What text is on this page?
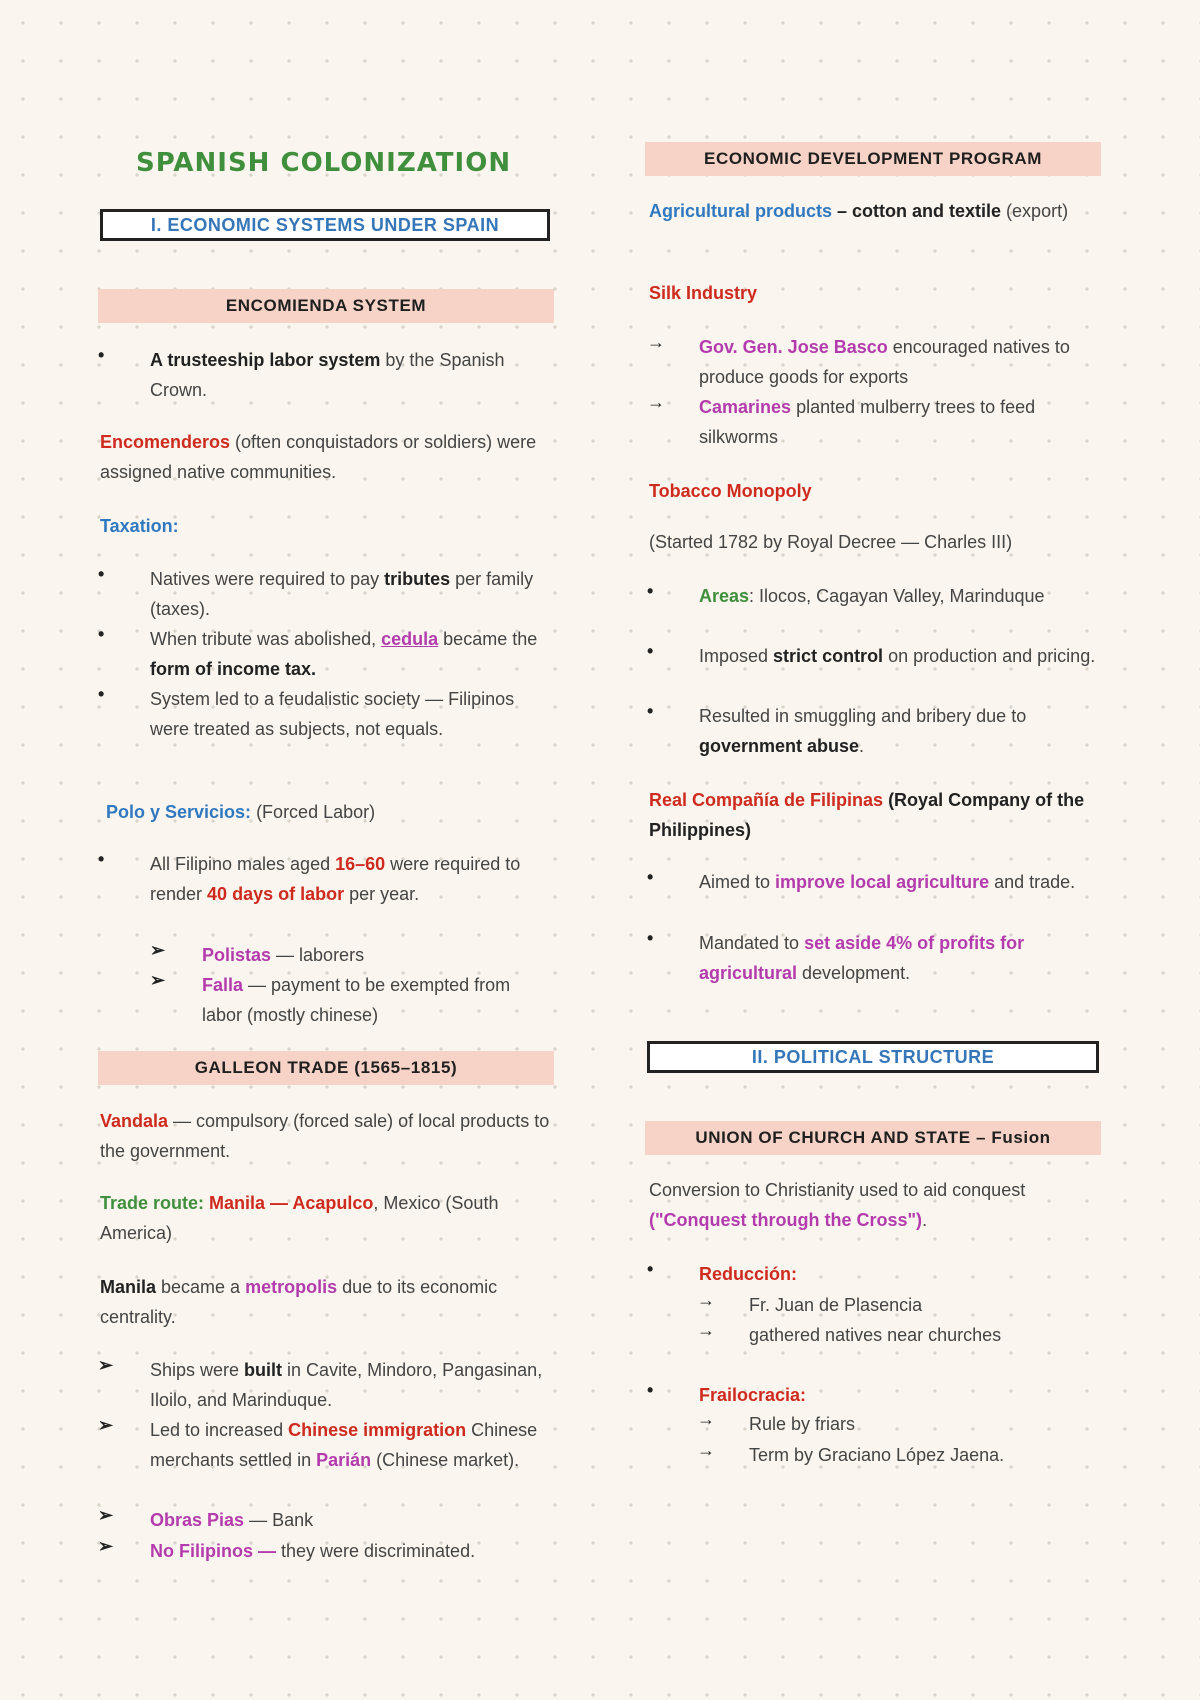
SPANISH COLONIZATION
I. ECONOMIC SYSTEMS UNDER SPAIN
ENCOMIENDA SYSTEM
•	A trusteeship labor system by the Spanish Crown.
Encomenderos (often conquistadors or soldiers) were assigned native communities.
Taxation:
•	Natives were required to pay tributes per family (taxes).
•	When tribute was abolished, cedula became the form of income tax.
•	System led to a feudalistic society — Filipinos were treated as subjects, not equals.
Polo y Servicios: (Forced Labor)
•	All Filipino males aged 16–60 were required to render 40 days of labor per year.
➢ Polistas — laborers
➢ Falla — payment to be exempted from labor (mostly chinese)
GALLEON TRADE (1565–1815)
Vandala — compulsory (forced sale) of local products to the government.
Trade route: Manila — Acapulco, Mexico (South America)
Manila became a metropolis due to its economic centrality.
➢ Ships were built in Cavite, Mindoro, Pangasinan, Iloilo, and Marinduque.
➢ Led to increased Chinese immigration Chinese merchants settled in Parián (Chinese market).
➢ Obras Pias — Bank
➢ No Filipinos — they were discriminated.
ECONOMIC DEVELOPMENT PROGRAM
Agricultural products – cotton and textile (export)
Silk Industry
→ Gov. Gen. Jose Basco encouraged natives to produce goods for exports
→ Camarines planted mulberry trees to feed silkworms
Tobacco Monopoly
(Started 1782 by Royal Decree — Charles III)
•	Areas: Ilocos, Cagayan Valley, Marinduque
•	Imposed strict control on production and pricing.
•	Resulted in smuggling and bribery due to government abuse.
Real Compañía de Filipinas (Royal Company of the Philippines)
•	Aimed to improve local agriculture and trade.
•	Mandated to set aside 4% of profits for agricultural development.
II. POLITICAL STRUCTURE
UNION OF CHURCH AND STATE – Fusion
Conversion to Christianity used to aid conquest ("Conquest through the Cross").
•	Reducción:
→ Fr. Juan de Plasencia
→ gathered natives near churches
•	Frailocracia:
→ Rule by friars
→ Term by Graciano López Jaena.
